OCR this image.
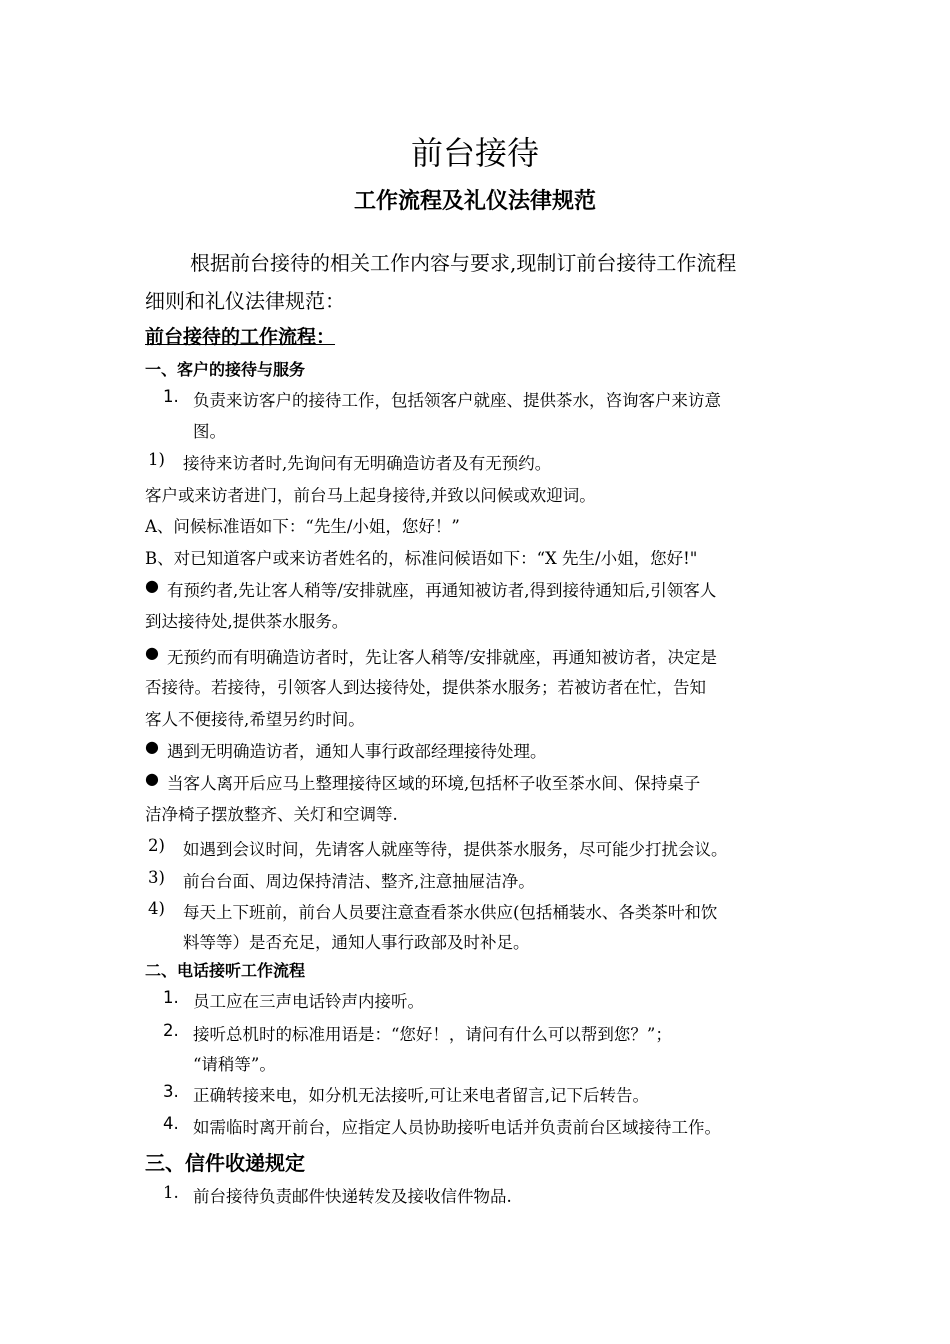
前台接待
工作流程及礼仪法律规范
根据前台接待的相关工作内容与要求,现制订前台接待工作流程
细则和礼仪法律规范：
前台接待的工作流程：
一、客户的接待与服务
1. 负责来访客户的接待工作，包括领客户就座、提供茶水，咨询客户来访意
图。
1) 接待来访者时,先询问有无明确造访者及有无预约。
客户或来访者进门，前台马上起身接待,并致以问候或欢迎词。
A、问候标准语如下：“先生/小姐，您好！”
B、对已知道客户或来访者姓名的，标准问候语如下：“X 先生/小姐，您好!"
● 有预约者,先让客人稍等/安排就座，再通知被访者,得到接待通知后,引领客人
到达接待处,提供茶水服务。
● 无预约而有明确造访者时，先让客人稍等/安排就座，再通知被访者，决定是
否接待。若接待，引领客人到达接待处，提供茶水服务；若被访者在忙，告知
客人不便接待,希望另约时间。
● 遇到无明确造访者，通知人事行政部经理接待处理。
● 当客人离开后应马上整理接待区域的环境,包括杯子收至茶水间、保持桌子
洁净椅子摆放整齐、关灯和空调等.
2) 如遇到会议时间，先请客人就座等待，提供茶水服务，尽可能少打扰会议。
3) 前台台面、周边保持清洁、整齐,注意抽屉洁净。
4) 每天上下班前，前台人员要注意查看茶水供应(包括桶装水、各类茶叶和饮
料等等）是否充足，通知人事行政部及时补足。
二、电话接听工作流程
1. 员工应在三声电话铃声内接听。
2. 接听总机时的标准用语是：“您好！，请问有什么可以帮到您？”；
“请稍等”。
3. 正确转接来电，如分机无法接听,可让来电者留言,记下后转告。
4. 如需临时离开前台，应指定人员协助接听电话并负责前台区域接待工作。
三、信件收递规定
1. 前台接待负责邮件快递转发及接收信件物品.
